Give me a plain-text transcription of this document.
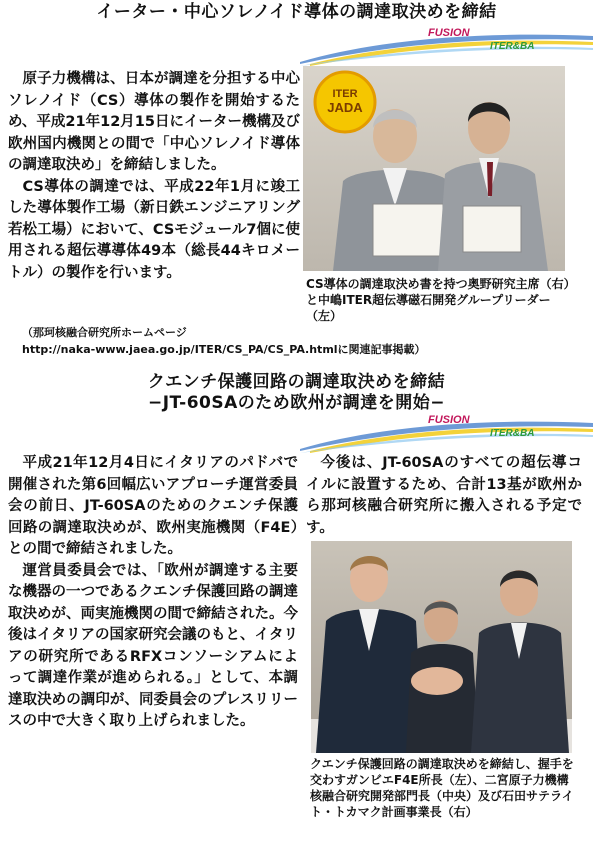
イーター・中心ソレノイド導体の調達取決めを締結
FUSION
ITER&BA

原子力機構は、日本が調達を分担する中心ソレノイド（CS）導体の製作を開始するため、平成21年12月15日にイーター機構及び欧州国内機関との間で「中心ソレノイド導体の調達取決め」を締結しました。

CS導体の調達では、平成22年1月に竣工した導体製作工場（新日鉄エンジニアリング若松工場）において、CSモジュール7個に使用される超伝導導体49本（総長44キロメートル）の製作を行います。

（那珂核融合研究所ホームページ
http://naka-www.jaea.go.jp/ITER/CS_PA/CS_PA.htmlに関連記事掲載）
ITER
JADA
CS導体の調達取決め書を持つ奥野研究主席（右）と中嶋ITER超伝導磁石開発グループリーダー（左）
クエンチ保護回路の調達取決めを締結
−JT-60SAのため欧州が調達を開始−
FUSION
ITER&BA

平成21年12月4日にイタリアのパドバで開催された第6回幅広いアプローチ運営委員会の前日、JT-60SAのためのクエンチ保護回路の調達取決めが、欧州実施機関（F4E）との間で締結されました。

運営員委員会では、「欧州が調達する主要な機器の一つであるクエンチ保護回路の調達取決めが、両実施機関の間で締結された。今後はイタリアの国家研究会議のもと、イタリアの研究所であるRFXコンソーシアムによって調達作業が進められる。」として、本調達取決めの調印が、同委員会のプレスリリースの中で大きく取り上げられました。

今後は、JT-60SAのすべての超伝導コイルに設置するため、合計13基が欧州から那珂核融合研究所に搬入される予定です。

クエンチ保護回路の調達取決めを締結し、握手を交わすガンビエF4E所長（左）、二宮原子力機構核融合研究開発部門長（中央）及び石田サテライト・トカマク計画事業長（右）
